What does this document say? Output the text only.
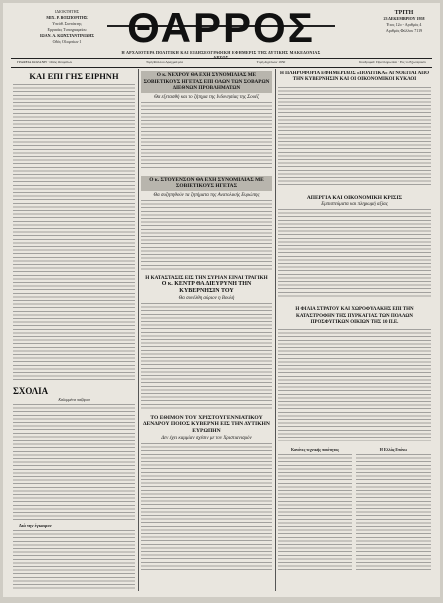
ΙΔΙΟΚΤΗΤΗΣ
ΜΙΧ. Ρ. ΒΟΣΠΟΡΙΤΗΣ
Υπεύθ. Συντάκτης
Εργασίες Τυπογραφείου
ΙΩΑΝ. Α. ΚΩΝΣΤΑΝΤΙΝΙΔΗΣ
Οδός Ολυμπίων 1	ΘΑΡΡΟΣ
Η ΑΡΧΑΙΟΤΕΡΑ ΠΟΛΙΤΙΚΗ ΚΑΙ ΕΙΔΗΣΕΟΓΡΑΦΙΚΗ ΕΦΗΜΕΡΙΣ ΤΗΣ ΔΥΤΙΚΗΣ ΜΑΚΕΔΟΝΙΑΣ
ΤΡΙΤΗ
23 ΔΕΚΕΜΒΡΙΟΥ 1958
Έτος 12ο - Αριθμός 4
Αριθμός Φύλλου 7119
ΓΡΑΦΕΙΑ ΚΟΖΑΝΗ · Οδός Ολυμπίων	Τιμή Φύλλου Δραχμαί μία	Τιμή Αγγελιών 1950	Συνδρομαί: Προπληρωτέαι · Εις το Εξωτερικόν
ΚΑΙ ΕΠΙ ΓΗΣ ΕΙΡΗΝΗ
ΣΧΟΛΙΑ
Καλυμμένα παζάρια
Διά την έγκαιρον
Ο κ. ΝΕΧΡΟΥ ΘΑ ΕΧΗ ΣΥΝΟΜΙΛΙΑΣ ΜΕ ΣΟΒΙΕΤΙΚΟΥΣ ΗΓΕΤΑΣ ΕΠΙ ΟΛΩΝ ΤΩΝ ΣΟΒΑΡΩΝ ΔΙΕΘΝΩΝ ΠΡΟΒΛΗΜΑΤΩΝ
Θα εξετασθή και το ζήτημα της Ινδονησίας της Σουέζ
Ο κ. ΣΤΟΥΕΝΣΟΝ ΘΑ ΕΧΗ ΣΥΝΟΜΙΛΙΑΣ ΜΕ ΣΟΒΙΕΤΙΚΟΥΣ ΗΓΕΤΑΣ
Θα συζητηθούν τα ζητήματα της Ανατολικής Ευρώπης
Η ΚΑΤΑΣΤΑΣΙΣ ΕΙΣ ΤΗΝ ΣΥΡΙΑΝ ΕΙΝΑΙ ΤΡΑΓΙΚΗ
Ο κ. ΚΕΝΤΡ ΘΑ ΔΙΕΥΡΥΝΗ ΤΗΝ ΚΥΒΕΡΝΗΣΙΝ ΤΟΥ
Θα συνέλθη αύριον η Βουλή
ΤΟ ΕΘΙΜΟΝ ΤΟΥ ΧΡΙΣΤΟΥΓΕΝΝΙΑΤΙΚΟΥ ΔΕΝΔΡΟΥ ΠΟΙΟΣ ΚΥΒΕΡΝΗ ΕΙΣ ΤΗΝ ΔΥΤΙΚΗΝ ΕΥΡΩΠΗΝ
Δεν έχει καμμίαν σχέσιν με τον Χριστιανισμόν
Η ΠΛΗΡΟΦΟΡΙΑ ΕΦΗΜΕΡΙΔΟΣ «ΠΟΛΙΤΙΚΑ» ΑΓΝΟΕΙΤΑΙ ΑΠΟ ΤΗΝ ΚΥΒΕΡΝΗΣΙΝ ΚΑΙ ΟΙ ΟΙΚΟΝΟΜΙΚΟΙ ΚΥΚΛΟΙ
ΑΠΕΡΓΙΑ ΚΑΙ ΟΙΚΟΝΟΜΙΚΗ ΚΡΙΣΙΣ
Εμπιστεύματα και πληρωμή αξίας
Η ΦΙΛΙΑ ΣΤΡΑΤΟΥ ΚΑΙ ΧΩΡΟΦΥΛΑΚΗΣ ΕΠΙ ΤΗΝ ΚΑΤΑΣΤΡΟΦΗΝ ΤΗΣ ΠΥΡΚΑΓΙΑΣ ΤΩΝ ΠΟΛΛΩΝ ΠΡΟΣΦΥΓΙΚΩΝ ΟΙΚΙΩΝ ΤΗΣ 10 Π.Ε.
Κανόνες τεχνικής ποιότητος	Η Ελλάς Επάνω
